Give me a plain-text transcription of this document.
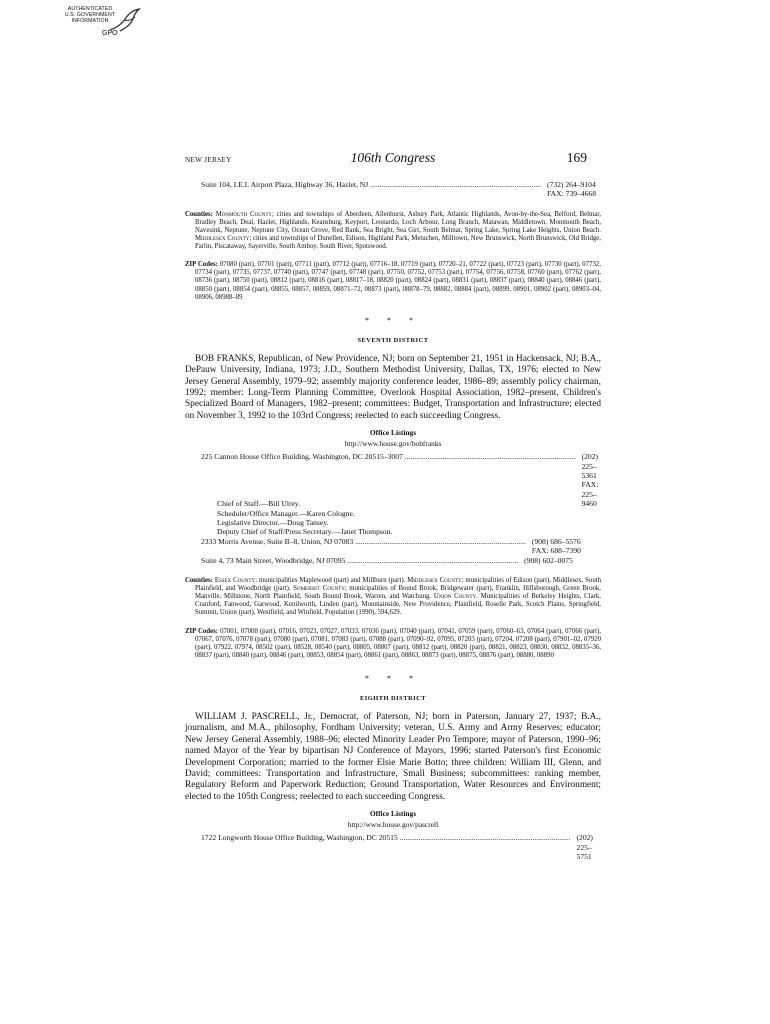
AUTHENTICATED
U.S. GOVERNMENT
INFORMATION
GPO
NEW JERSEY	106th Congress	169
Suite 104, I.E.I. Airport Plaza, Highway 36, Hazlet, NJ .......................................................................................... (732) 264–9104
FAX: 739–4668
Counties: Monmouth County; cities and townships of Aberdeen, Allenhurst, Asbury Park, Atlantic Highlands, Avon-by-the-Sea, Belford, Belmar, Bradley Beach, Deal, Hazlet, Highlands, Keansburg, Keyport, Leonardo, Loch Arbour, Long Branch, Matawan, Middletown, Monmouth Beach, Navesink, Neptune, Neptune City, Ocean Grove, Red Bank, Sea Bright, Sea Girt, South Belmar, Spring Lake, Spring Lake Heights, Union Beach. Middlesex County; cities and townships of Dunellen, Edison, Highland Park, Metuchen, Milltown, New Brunswick, North Brunswick, Old Bridge, Parlin, Piscataway, Sayerville, South Amboy, South River, Spotswood.
ZIP Codes: 07080 (part), 07701 (part), 07711 (part), 07712 (part), 07716–18, 07719 (part), 07720–21, 07722 (part), 07723 (part), 07730 (part), 07732, 07734 (part), 07735, 07737, 07740 (part), 07747 (part), 07748 (part), 07750, 07752, 07753 (part), 07754, 07756, 07758, 07760 (part), 07762 (part), 08736 (part), 08750 (part), 08812 (part), 08816 (part), 08817–18, 08820 (part), 08824 (part), 08831 (part), 08837 (part), 08840 (part), 08846 (part), 08850 (part), 08854 (part), 08855, 08857, 08859, 08871–72, 08873 (part), 08878–79, 08882, 08884 (part), 08899, 08901, 08902 (part), 08903–04, 08906, 08988–89
* * *
SEVENTH DISTRICT
BOB FRANKS, Republican, of New Providence, NJ; born on September 21, 1951 in Hackensack, NJ; B.A., DePauw University, Indiana, 1973; J.D., Southern Methodist University, Dallas, TX, 1976; elected to New Jersey General Assembly, 1979–92; assembly majority conference leader, 1986–89; assembly policy chairman, 1992; member: Long-Term Planning Committee, Overlook Hospital Association, 1982–present, Children's Specialized Board of Managers, 1982–present; committees: Budget, Transportation and Infrastructure; elected on November 3, 1992 to the 103rd Congress; reelected to each succeeding Congress.
Office Listings
http://www.house.gov/bobfranks
225 Cannon House Office Building, Washington, DC 20515–3007 .......................................................................................... (202) 225–5361
FAX: 225–9460
Chief of Staff.—Bill Ulrey.
Scheduler/Office Manager.—Karen Cologne.
Legislative Director.—Doug Tansey.
Deputy Chief of Staff/Press Secretary.—Janet Thompson.
2333 Morris Avenue, Suite B–8, Union, NJ 07083 .......................................................................................... (908) 686–5576
FAX: 688–7390
Suite 4, 73 Main Street, Woodbridge, NJ 07095 .......................................................................................... (908) 602–0075
Counties: Essex County; municipalities Maplewood (part) and Millburn (part). Middlesex County; municipalities of Edison (part), Middlesex, South Plainfield, and Woodbridge (part). Somerset County; municipalities of Bound Brook, Bridgewater (part), Franklin, Hillsborough, Green Brook, Manville, Millstone, North Plainfield, South Bound Brook, Warren, and Watchung. Union County. Municipalities of Berkeley Heights, Clark, Cranford, Fanwood, Garwood, Kenilworth, Linden (part), Mountainside, New Providence, Plainfield, Roselle Park, Scotch Plains, Springfield, Summit, Union (part), Westfield, and Winfield. Population (1990), 594,629.
ZIP Codes: 07001, 07008 (part), 07016, 07023, 07027, 07033, 07036 (part), 07040 (part), 07041, 07059 (part), 07060–63, 07064 (part), 07066 (part), 07067, 07076, 07078 (part), 07080 (part), 07081, 07083 (part), 07088 (part), 07090–92, 07095, 07203 (part), 07204, 07208 (part), 07901–02, 07920 (part), 07922, 07974, 08502 (part), 08528, 08540 (part), 08805, 08807 (part), 08812 (part), 08820 (part), 08821, 08823, 08830, 08832, 08835–36, 08837 (part), 08840 (part), 08846 (part), 08853, 08854 (part), 08861 (part), 08863, 08873 (part), 08875, 08876 (part), 08880, 08890
* * *
EIGHTH DISTRICT
WILLIAM J. PASCRELL, Jr., Democrat, of Paterson, NJ; born in Paterson, January 27, 1937; B.A., journalism, and M.A., philosophy, Fordham University; veteran, U.S. Army and Army Reserves; educator; New Jersey General Assembly, 1988–96; elected Minority Leader Pro Tempore; mayor of Paterson, 1990–96; named Mayor of the Year by bipartisan NJ Conference of Mayors, 1996; started Paterson's first Economic Development Corporation; married to the former Elsie Marie Botto; three children: William III, Glenn, and David; committees: Transportation and Infrastructure, Small Business; subcommittees: ranking member, Regulatory Reform and Paperwork Reduction; Ground Transportation, Water Resources and Environment; elected to the 105th Congress; reelected to each succeeding Congress.
Office Listings
http://www.house.gov/pascrell
1722 Longworth House Office Building, Washington, DC 20515 .......................................................................................... (202) 225–5751
